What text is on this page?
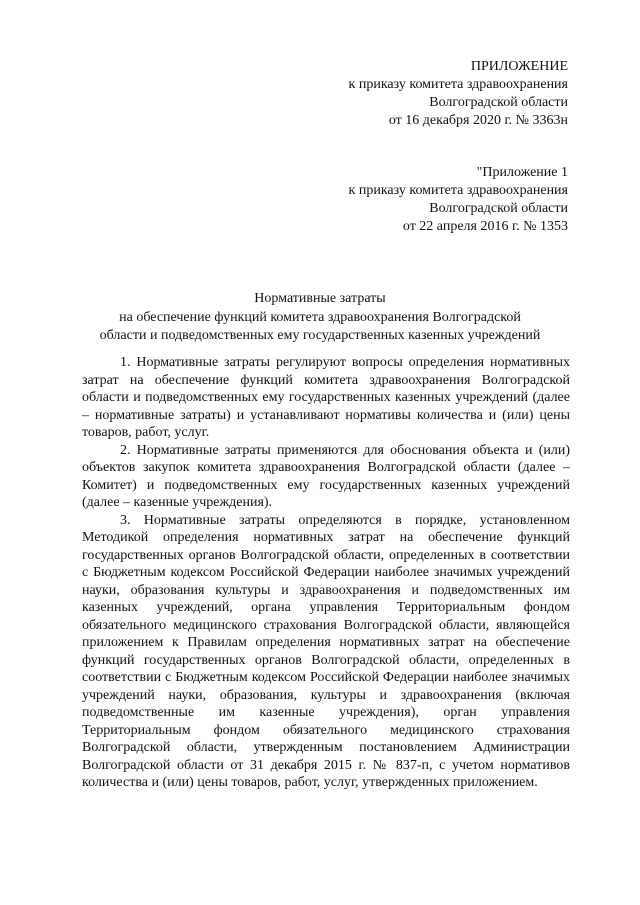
ПРИЛОЖЕНИЕ
к приказу комитета здравоохранения
Волгоградской области
от 16 декабря 2020 г. № 3363н
"Приложение 1
к приказу комитета здравоохранения
Волгоградской области
от 22 апреля 2016 г. № 1353
Нормативные затраты
на обеспечение функций комитета здравоохранения Волгоградской
области и подведомственных ему государственных казенных учреждений

1. Нормативные затраты регулируют вопросы определения нормативных затрат на обеспечение функций комитета здравоохранения Волгоградской области и подведомственных ему государственных казенных учреждений (далее – нормативные затраты) и устанавливают нормативы количества и (или) цены товаров, работ, услуг.

2. Нормативные затраты применяются для обоснования объекта и (или) объектов закупок комитета здравоохранения Волгоградской области (далее – Комитет) и подведомственных ему государственных казенных учреждений (далее – казенные учреждения).

3. Нормативные затраты определяются в порядке, установленном Методикой определения нормативных затрат на обеспечение функций государственных органов Волгоградской области, определенных в соответствии с Бюджетным кодексом Российской Федерации наиболее значимых учреждений науки, образования культуры и здравоохранения и подведомственных им казенных учреждений, органа управления Территориальным фондом обязательного медицинского страхования Волгоградской области, являющейся приложением к Правилам определения нормативных затрат на обеспечение функций государственных органов Волгоградской области, определенных в соответствии с Бюджетным кодексом Российской Федерации наиболее значимых учреждений науки, образования, культуры и здравоохранения (включая подведомственные им казенные учреждения), орган управления Территориальным фондом обязательного медицинского страхования Волгоградской области, утвержденным постановлением Администрации Волгоградской области от 31 декабря 2015 г. № 837-п, с учетом нормативов количества и (или) цены товаров, работ, услуг, утвержденных приложением.
